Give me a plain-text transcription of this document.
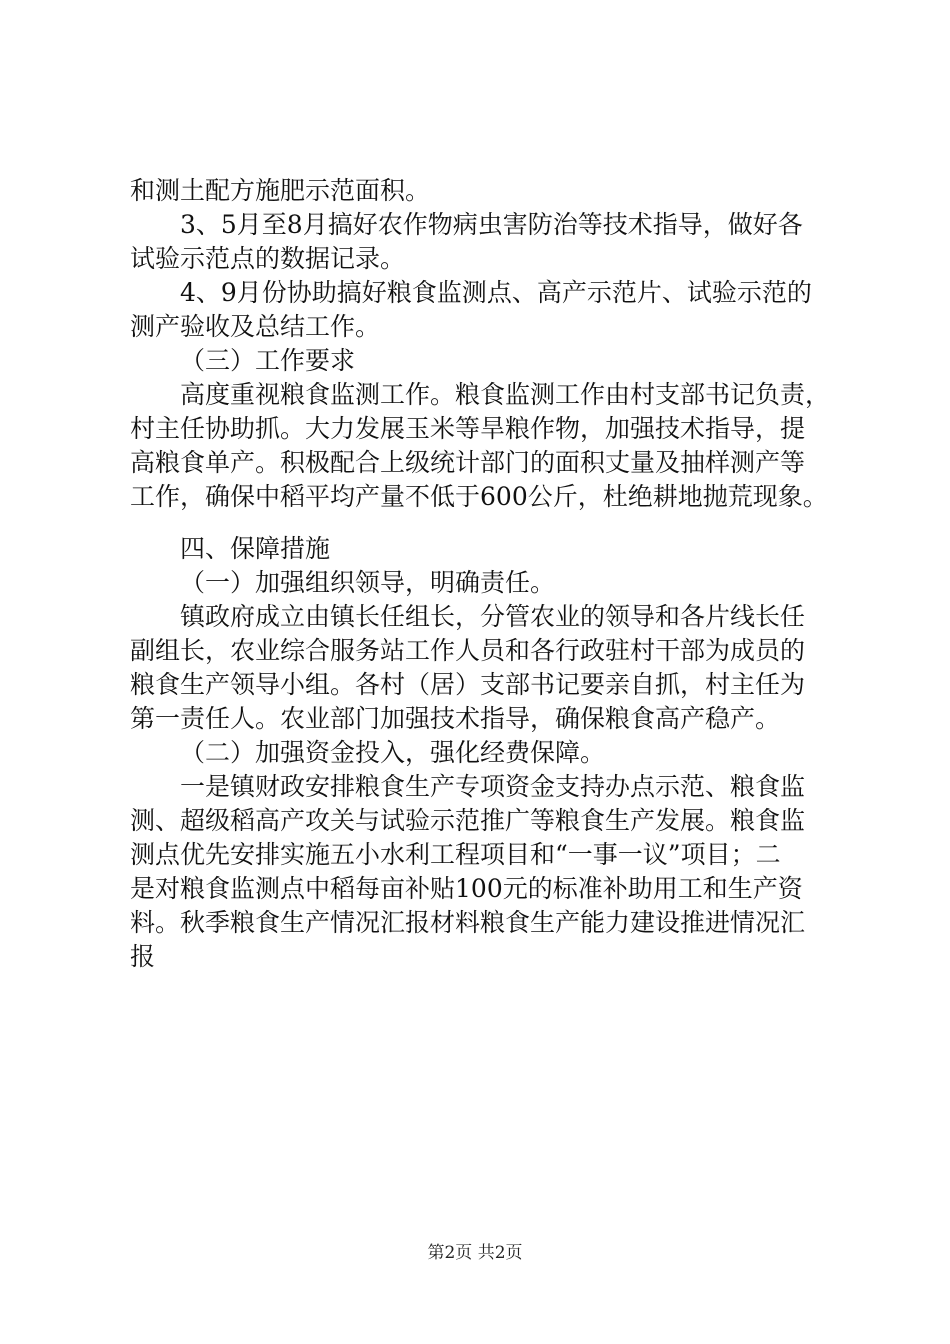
和测土配方施肥示范面积。
3、5月至8月搞好农作物病虫害防治等技术指导，做好各
试验示范点的数据记录。
4、9月份协助搞好粮食监测点、高产示范片、试验示范的
测产验收及总结工作。
（三）工作要求
高度重视粮食监测工作。粮食监测工作由村支部书记负责，
村主任协助抓。大力发展玉米等旱粮作物，加强技术指导，提
高粮食单产。积极配合上级统计部门的面积丈量及抽样测产等
工作，确保中稻平均产量不低于600公斤，杜绝耕地抛荒现象。
四、保障措施
（一）加强组织领导，明确责任。
镇政府成立由镇长任组长，分管农业的领导和各片线长任
副组长，农业综合服务站工作人员和各行政驻村干部为成员的
粮食生产领导小组。各村（居）支部书记要亲自抓，村主任为
第一责任人。农业部门加强技术指导，确保粮食高产稳产。
（二）加强资金投入，强化经费保障。
一是镇财政安排粮食生产专项资金支持办点示范、粮食监
测、超级稻高产攻关与试验示范推广等粮食生产发展。粮食监
测点优先安排实施五小水利工程项目和“一事一议”项目；二
是对粮食监测点中稻每亩补贴100元的标准补助用工和生产资
料。秋季粮食生产情况汇报材料粮食生产能力建设推进情况汇
报
第2页 共2页
